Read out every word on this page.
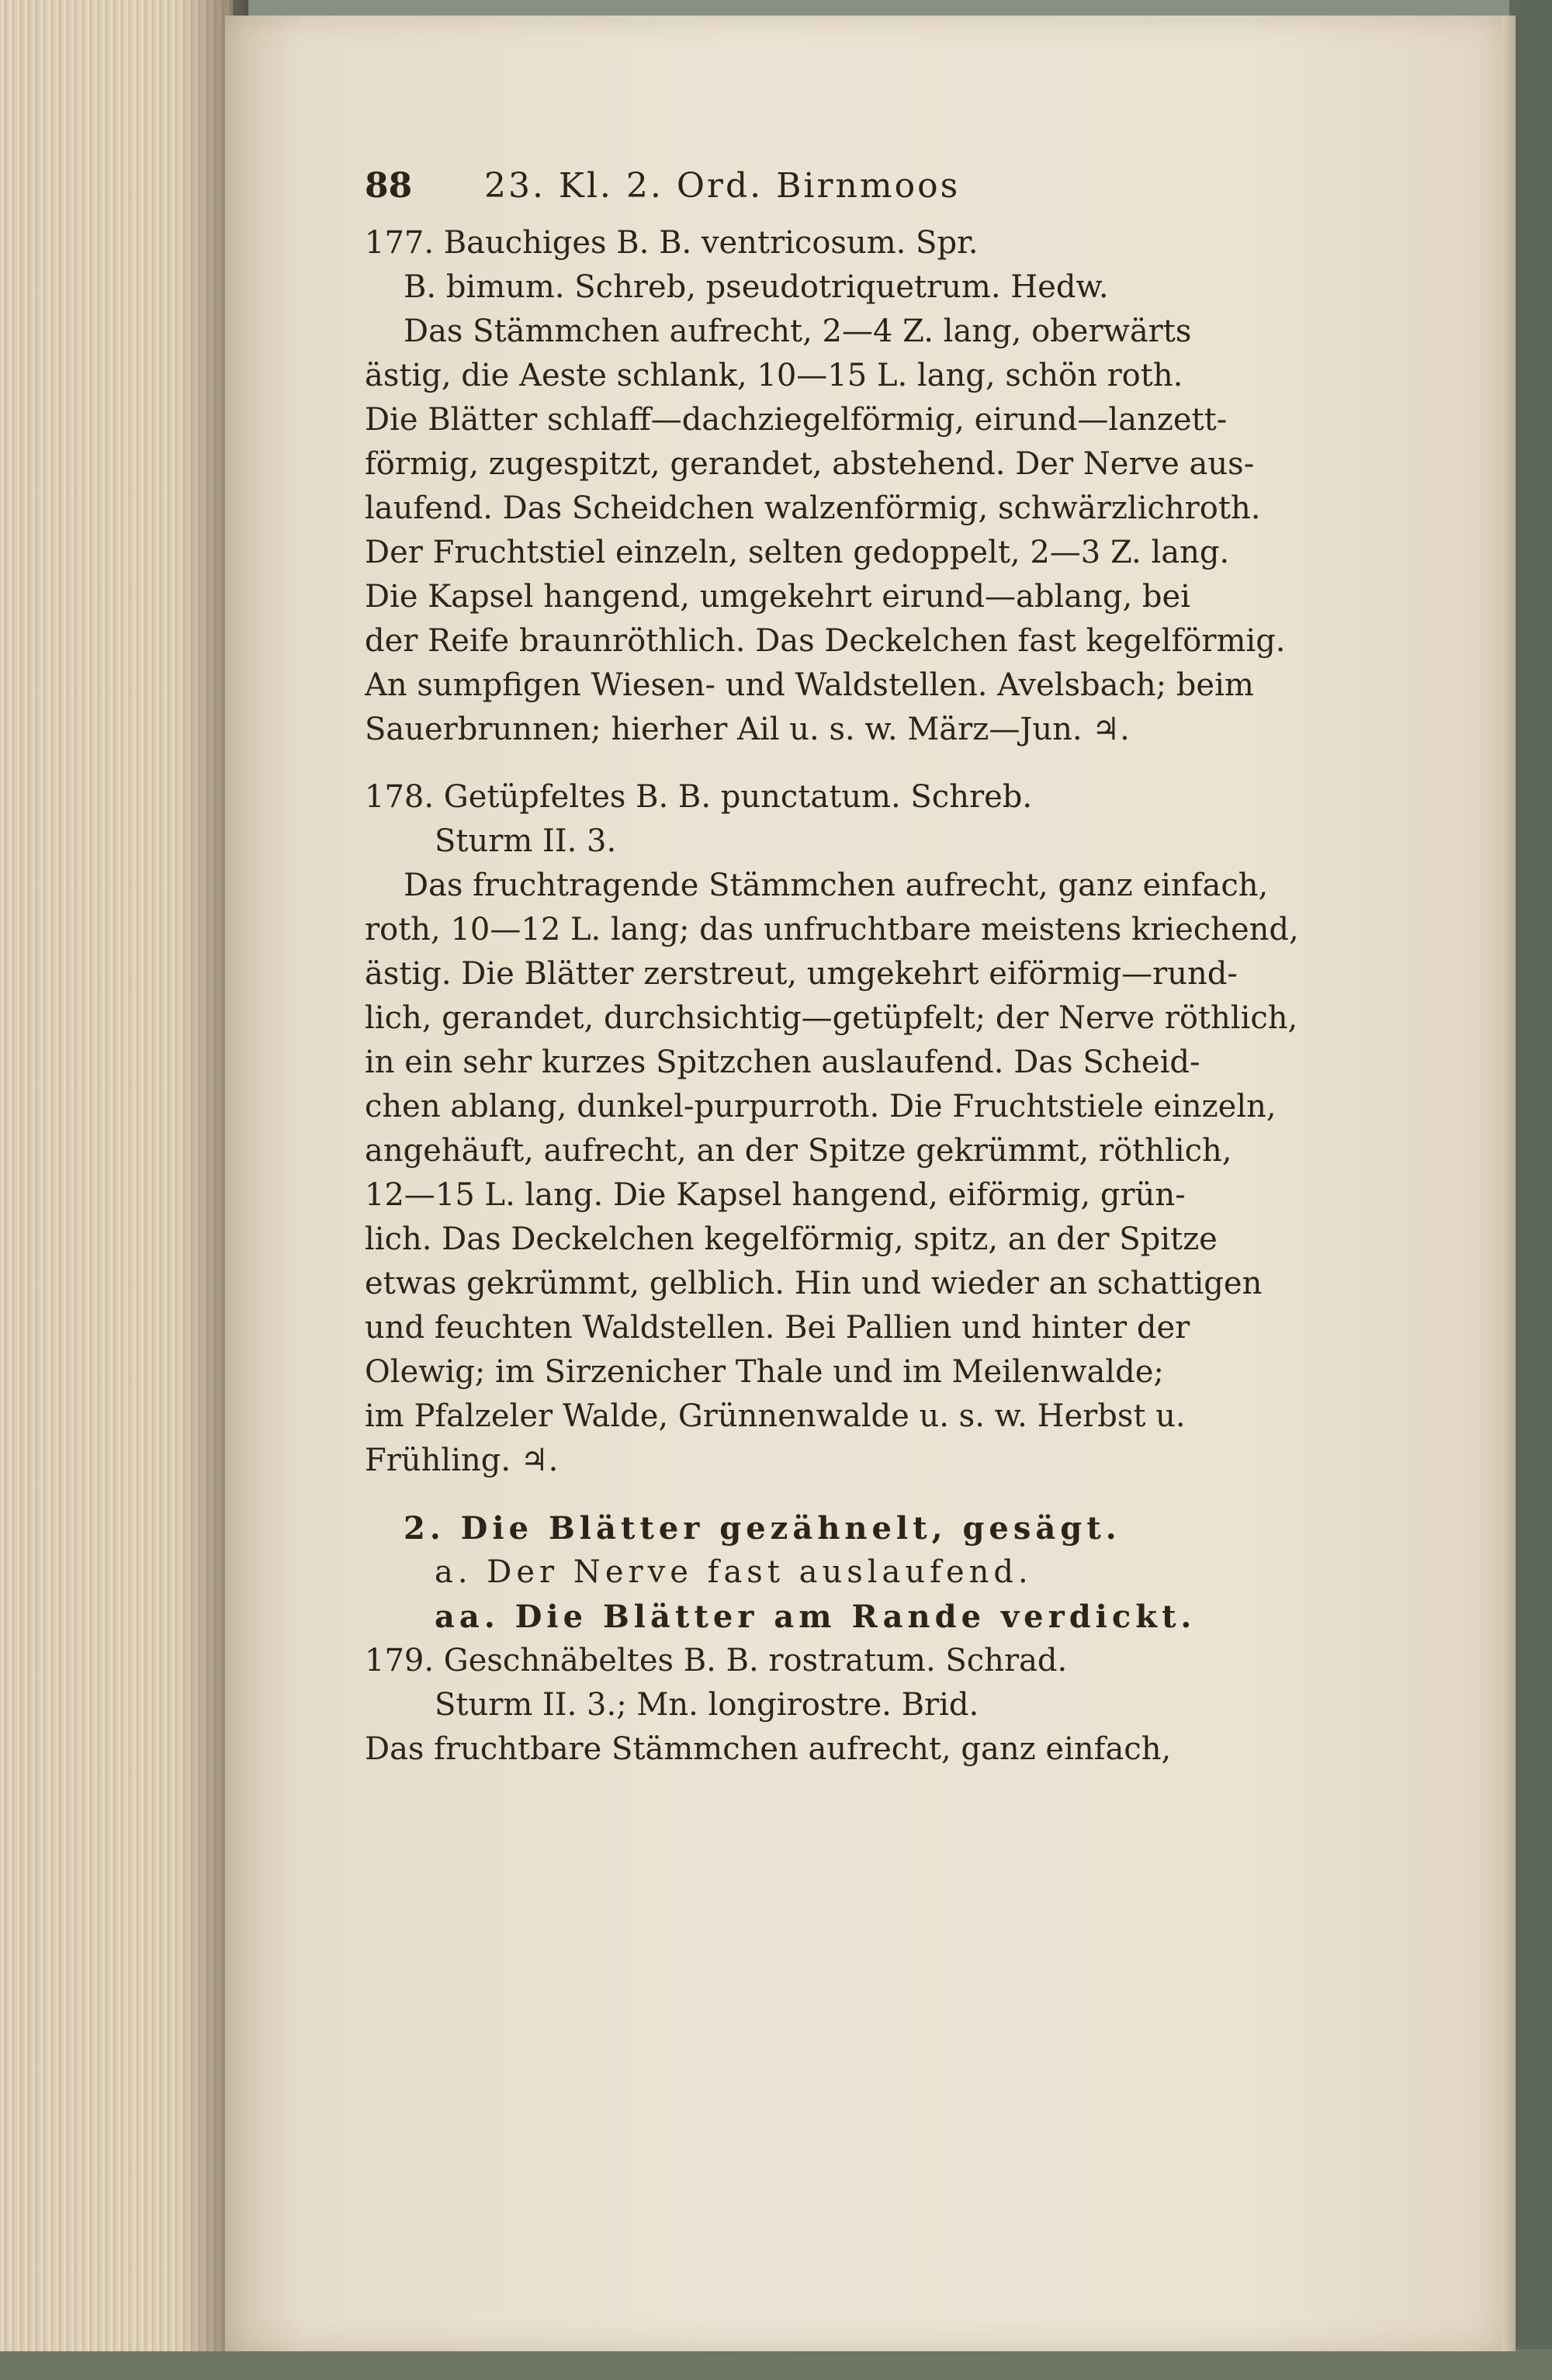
88 23. Kl. 2. Ord. Birnmoos
177. Bauchiges B. B. ventricosum. Spr.
B. bimum. Schreb, pseudotriquetrum. Hedw.
Das Stämmchen aufrecht, 2—4 Z. lang, oberwärts
ästig, die Aeste schlank, 10—15 L. lang, schön roth.
Die Blätter schlaff—dachziegelförmig, eirund—lanzett-
förmig, zugespitzt, gerandet, abstehend. Der Nerve aus-
laufend. Das Scheidchen walzenförmig, schwärzlichroth.
Der Fruchtstiel einzeln, selten gedoppelt, 2—3 Z. lang.
Die Kapsel hangend, umgekehrt eirund—ablang, bei
der Reife braunröthlich. Das Deckelchen fast kegelförmig.
An sumpfigen Wiesen- und Waldstellen. Avelsbach; beim
Sauerbrunnen; hierher Ail u. s. w. März—Jun. ♃.
178. Getüpfeltes B. B. punctatum. Schreb.
Sturm II. 3.
Das fruchtragende Stämmchen aufrecht, ganz einfach,
roth, 10—12 L. lang; das unfruchtbare meistens kriechend,
ästig. Die Blätter zerstreut, umgekehrt eiförmig—rund-
lich, gerandet, durchsichtig—getüpfelt; der Nerve röthlich,
in ein sehr kurzes Spitzchen auslaufend. Das Scheid-
chen ablang, dunkel-purpurroth. Die Fruchtstiele einzeln,
angehäuft, aufrecht, an der Spitze gekrümmt, röthlich,
12—15 L. lang. Die Kapsel hangend, eiförmig, grün-
lich. Das Deckelchen kegelförmig, spitz, an der Spitze
etwas gekrümmt, gelblich. Hin und wieder an schattigen
und feuchten Waldstellen. Bei Pallien und hinter der
Olewig; im Sirzenicher Thale und im Meilenwalde;
im Pfalzeler Walde, Grünnenwalde u. s. w. Herbst u.
Frühling. ♃.
2. Die Blätter gezähnelt, gesägt.
a. Der Nerve fast auslaufend.
aa. Die Blätter am Rande verdickt.
179. Geschnäbeltes B. B. rostratum. Schrad.
Sturm II. 3.; Mn. longirostre. Brid.
Das fruchtbare Stämmchen aufrecht, ganz einfach,
